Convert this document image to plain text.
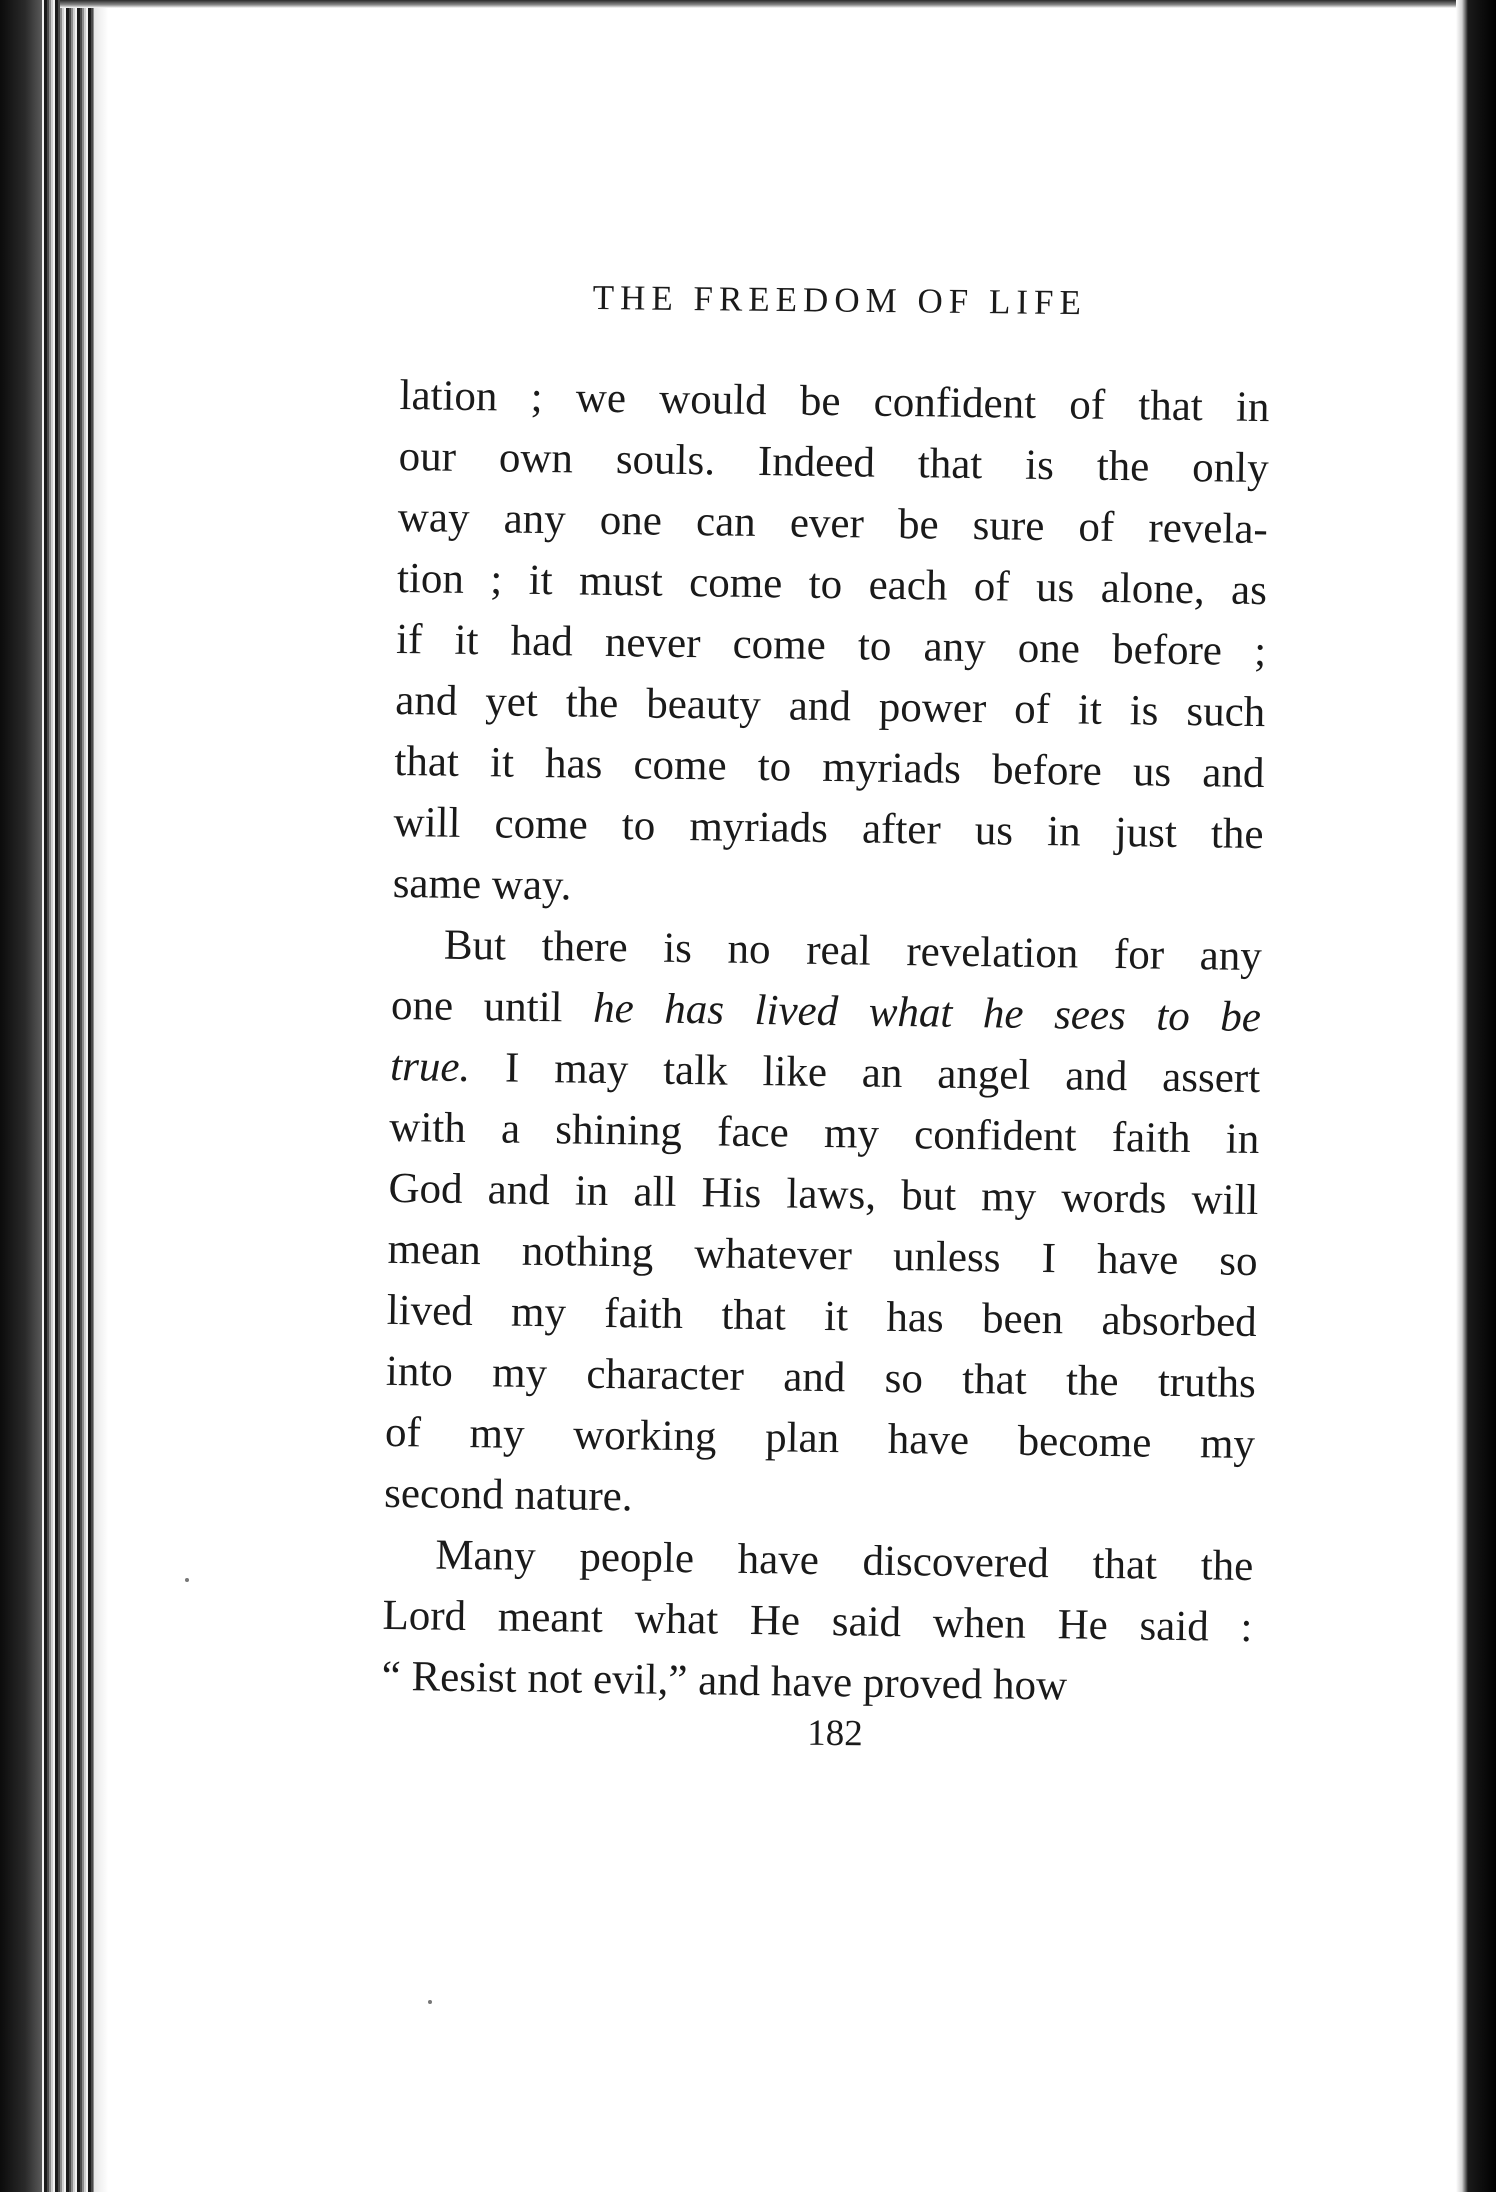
THE FREEDOM OF LIFE

lation ; we would be confident of that in
our own souls. Indeed that is the only
way any one can ever be sure of revela-
tion ; it must come to each of us alone, as
if it had never come to any one before ;
and yet the beauty and power of it is such
that it has come to myriads before us and
will come to myriads after us in just the
same way.

But there is no real revelation for any
one until he has lived what he sees to be
true. I may talk like an angel and assert
with a shining face my confident faith in
God and in all His laws, but my words will
mean nothing whatever unless I have so
lived my faith that it has been absorbed
into my character and so that the truths
of my working plan have become my
second nature.

Many people have discovered that the
Lord meant what He said when He said :
“ Resist not evil,” and have proved how

182
